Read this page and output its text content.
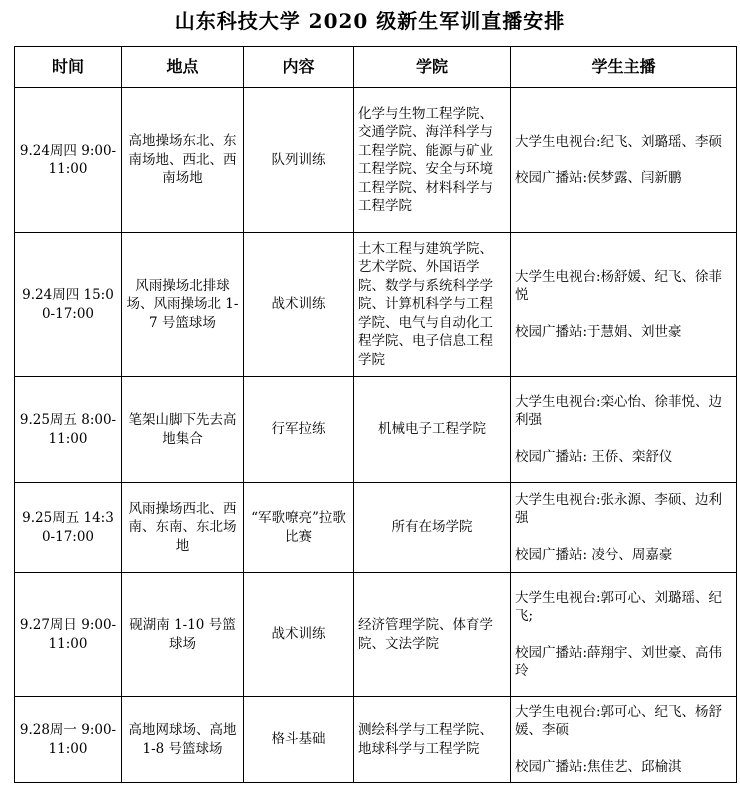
山东科技大学 2020 级新生军训直播安排
时间	地点	内容	学院	学生主播
9.24周四 9:00-11:00	高地操场东北、东南场地、西北、西南场地	队列训练	化学与生物工程学院、交通学院、海洋科学与工程学院、能源与矿业工程学院、安全与环境工程学院、材料科学与工程学院	大学生电视台:纪飞、刘璐瑶、李硕
校园广播站:侯梦露、闫新鹏

9.24周四 15:00-17:00	风雨操场北排球场、风雨操场北 1-7 号篮球场	战术训练	土木工程与建筑学院、艺术学院、外国语学院、数学与系统科学学院、计算机科学与工程学院、电气与自动化工程学院、电子信息工程学院	大学生电视台:杨舒媛、纪飞、徐菲悦
校园广播站:于慧娟、刘世豪

9.25周五 8:00-11:00	笔架山脚下先去高地集合	行军拉练	机械电子工程学院	大学生电视台:栾心怡、徐菲悦、边利强
校园广播站: 王侨、栾舒仪

9.25周五 14:30-17:00	风雨操场西北、西南、东南、东北场地	“军歌嘹亮”拉歌比赛	所有在场学院	大学生电视台:张永源、李硕、边利强
校园广播站: 凌兮、周嘉豪

9.27周日 9:00-11:00	砚湖南 1-10 号篮球场	战术训练	经济管理学院、体育学院、文法学院	大学生电视台:郭可心、刘璐瑶、纪飞;
校园广播站:薛翔宇、刘世豪、高伟玲

9.28周一 9:00-11:00	高地网球场、高地 1-8 号篮球场	格斗基础	测绘科学与工程学院、地球科学与工程学院	大学生电视台:郭可心、纪飞、杨舒媛、李硕
校园广播站:焦佳艺、邱榆淇
